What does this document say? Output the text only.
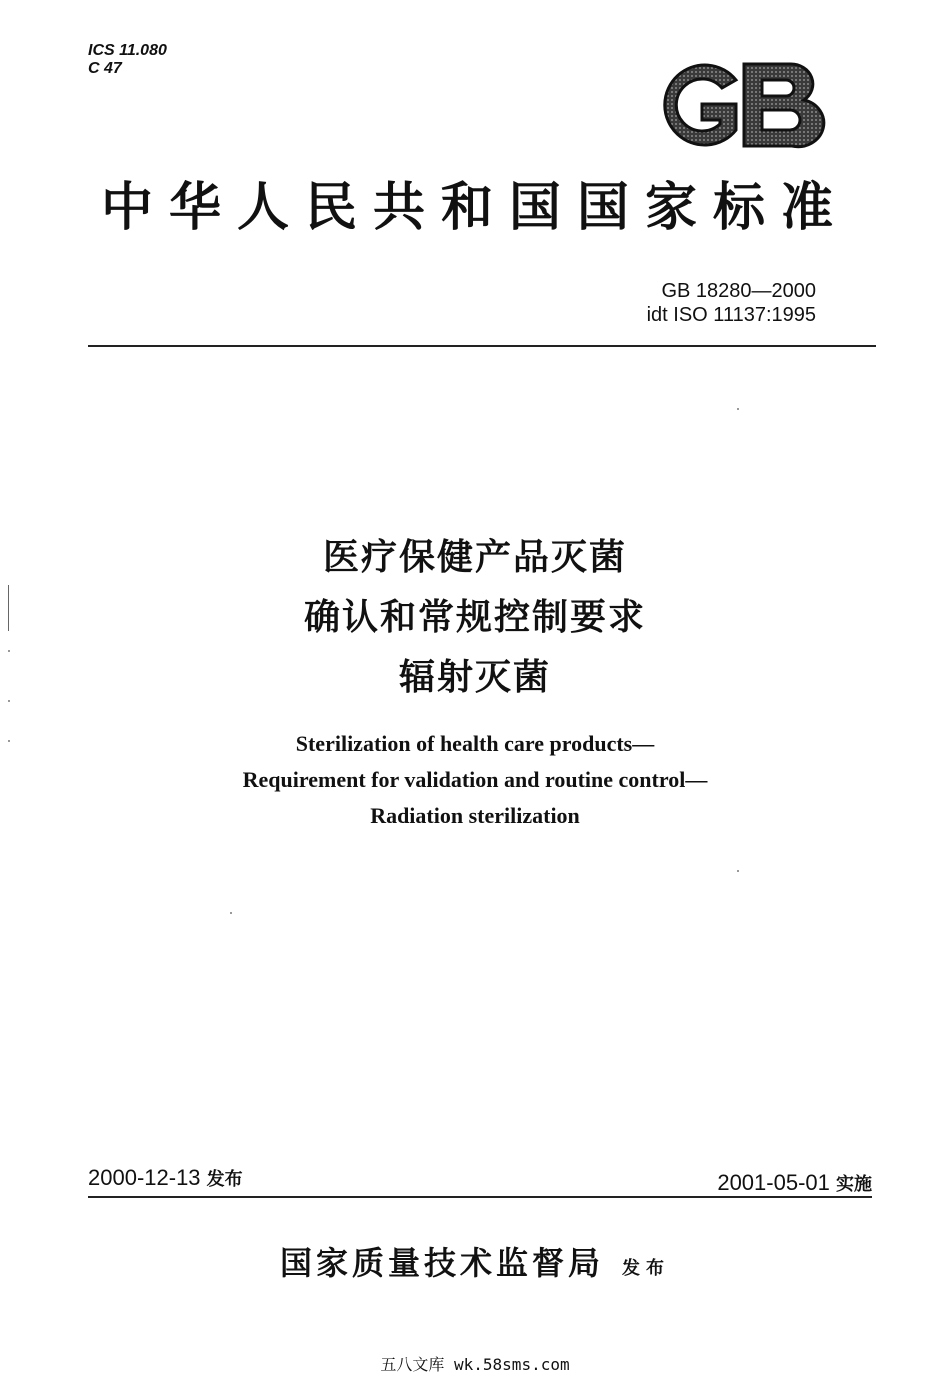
ICS 11.080
C 47
中华人民共和国国家标准
GB 18280—2000
idt ISO 11137:1995
医疗保健产品灭菌
确认和常规控制要求
辐射灭菌
Sterilization of health care products—
Requirement for validation and routine control—
Radiation sterilization
2000-12-13 发布	2001-05-01 实施
国家质量技术监督局 发布
五八文库 wk.58sms.com
